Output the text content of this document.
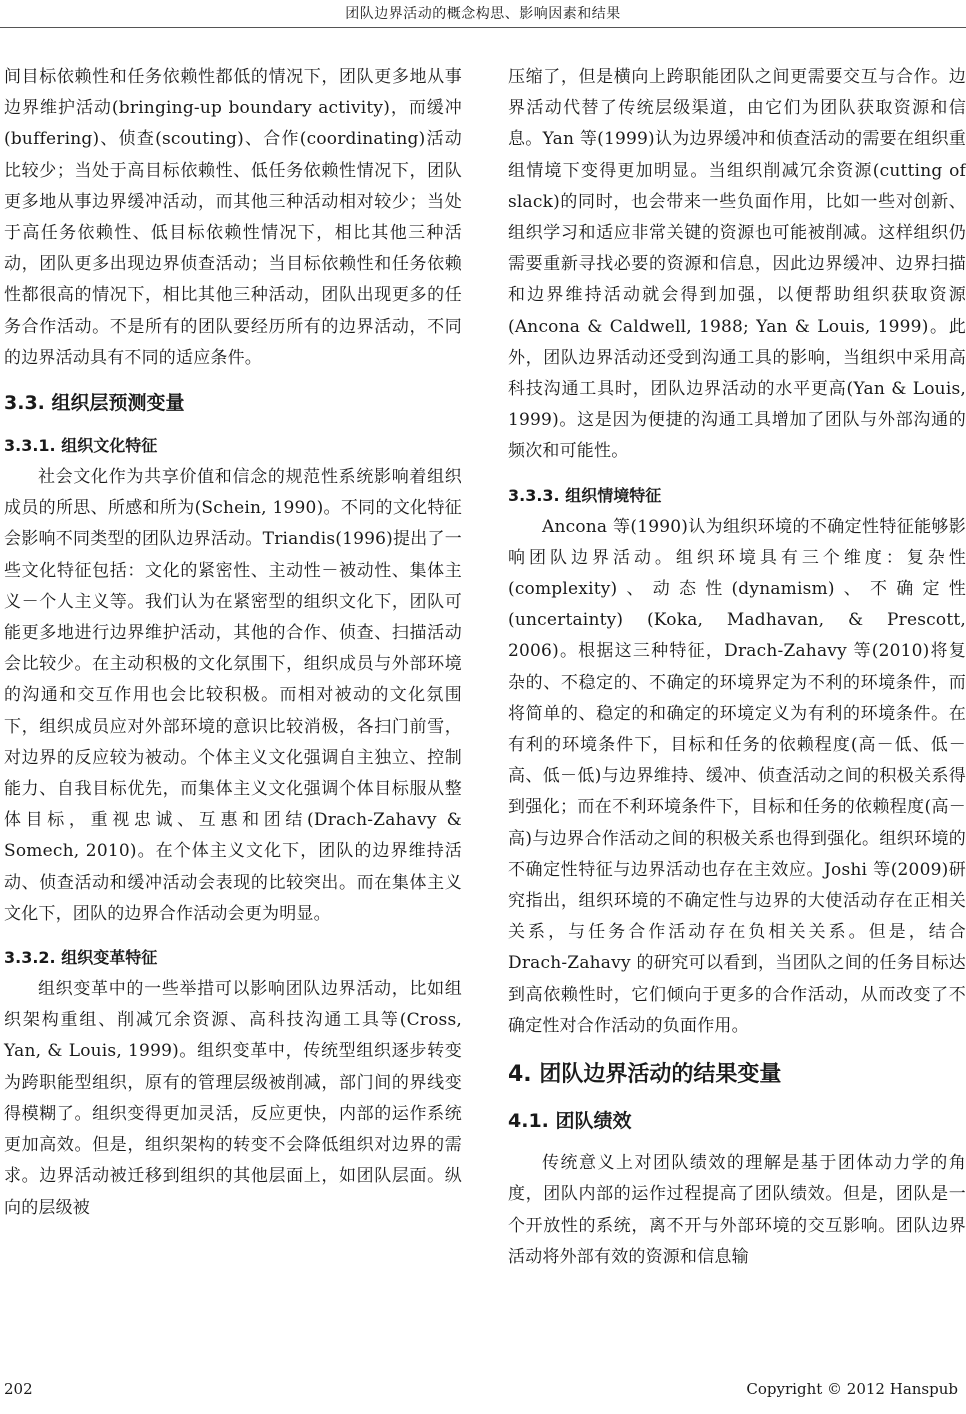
团队边界活动的概念构思、影响因素和结果

间目标依赖性和任务依赖性都低的情况下，团队更多地从事边界维护活动(bringing-up boundary activity)，而缓冲(buffering)、侦查(scouting)、合作(coordinating)活动比较少；当处于高目标依赖性、低任务依赖性情况下，团队更多地从事边界缓冲活动，而其他三种活动相对较少；当处于高任务依赖性、低目标依赖性情况下，相比其他三种活动，团队更多出现边界侦查活动；当目标依赖性和任务依赖性都很高的情况下，相比其他三种活动，团队出现更多的任务合作活动。不是所有的团队要经历所有的边界活动，不同的边界活动具有不同的适应条件。

3.3. 组织层预测变量
3.3.1. 组织文化特征

社会文化作为共享价值和信念的规范性系统影响着组织成员的所思、所感和所为(Schein, 1990)。不同的文化特征会影响不同类型的团队边界活动。Triandis(1996)提出了一些文化特征包括：文化的紧密性、主动性－被动性、集体主义－个人主义等。我们认为在紧密型的组织文化下，团队可能更多地进行边界维护活动，其他的合作、侦查、扫描活动会比较少。在主动积极的文化氛围下，组织成员与外部环境的沟通和交互作用也会比较积极。而相对被动的文化氛围下，组织成员应对外部环境的意识比较消极，各扫门前雪，对边界的反应较为被动。个体主义文化强调自主独立、控制能力、自我目标优先，而集体主义文化强调个体目标服从整体目标，重视忠诚、互惠和团结(Drach-Zahavy & Somech, 2010)。在个体主义文化下，团队的边界维持活动、侦查活动和缓冲活动会表现的比较突出。而在集体主义文化下，团队的边界合作活动会更为明显。

3.3.2. 组织变革特征

组织变革中的一些举措可以影响团队边界活动，比如组织架构重组、削减冗余资源、高科技沟通工具等(Cross, Yan, & Louis, 1999)。组织变革中，传统型组织逐步转变为跨职能型组织，原有的管理层级被削减，部门间的界线变得模糊了。组织变得更加灵活，反应更快，内部的运作系统更加高效。但是，组织架构的转变不会降低组织对边界的需求。边界活动被迁移到组织的其他层面上，如团队层面。纵向的层级被

压缩了，但是横向上跨职能团队之间更需要交互与合作。边界活动代替了传统层级渠道，由它们为团队获取资源和信息。Yan 等(1999)认为边界缓冲和侦查活动的需要在组织重组情境下变得更加明显。当组织削减冗余资源(cutting of slack)的同时，也会带来一些负面作用，比如一些对创新、组织学习和适应非常关键的资源也可能被削减。这样组织仍需要重新寻找必要的资源和信息，因此边界缓冲、边界扫描和边界维持活动就会得到加强，以便帮助组织获取资源(Ancona & Caldwell, 1988; Yan & Louis, 1999)。此外，团队边界活动还受到沟通工具的影响，当组织中采用高科技沟通工具时，团队边界活动的水平更高(Yan & Louis, 1999)。这是因为便捷的沟通工具增加了团队与外部沟通的频次和可能性。

3.3.3. 组织情境特征

Ancona 等(1990)认为组织环境的不确定性特征能够影响团队边界活动。组织环境具有三个维度：复杂性(complexity)、动态性(dynamism)、不确定性(uncertainty) (Koka, Madhavan, & Prescott, 2006)。根据这三种特征，Drach-Zahavy 等(2010)将复杂的、不稳定的、不确定的环境界定为不利的环境条件，而将简单的、稳定的和确定的环境定义为有利的环境条件。在有利的环境条件下，目标和任务的依赖程度(高－低、低－高、低－低)与边界维持、缓冲、侦查活动之间的积极关系得到强化；而在不利环境条件下，目标和任务的依赖程度(高－高)与边界合作活动之间的积极关系也得到强化。组织环境的不确定性特征与边界活动也存在主效应。Joshi 等(2009)研究指出，组织环境的不确定性与边界的大使活动存在正相关关系，与任务合作活动存在负相关关系。但是，结合 Drach-Zahavy 的研究可以看到，当团队之间的任务目标达到高依赖性时，它们倾向于更多的合作活动，从而改变了不确定性对合作活动的负面作用。

4. 团队边界活动的结果变量
4.1. 团队绩效

传统意义上对团队绩效的理解是基于团体动力学的角度，团队内部的运作过程提高了团队绩效。但是，团队是一个开放性的系统，离不开与外部环境的交互影响。团队边界活动将外部有效的资源和信息输

202	Copyright © 2012 Hanspub
